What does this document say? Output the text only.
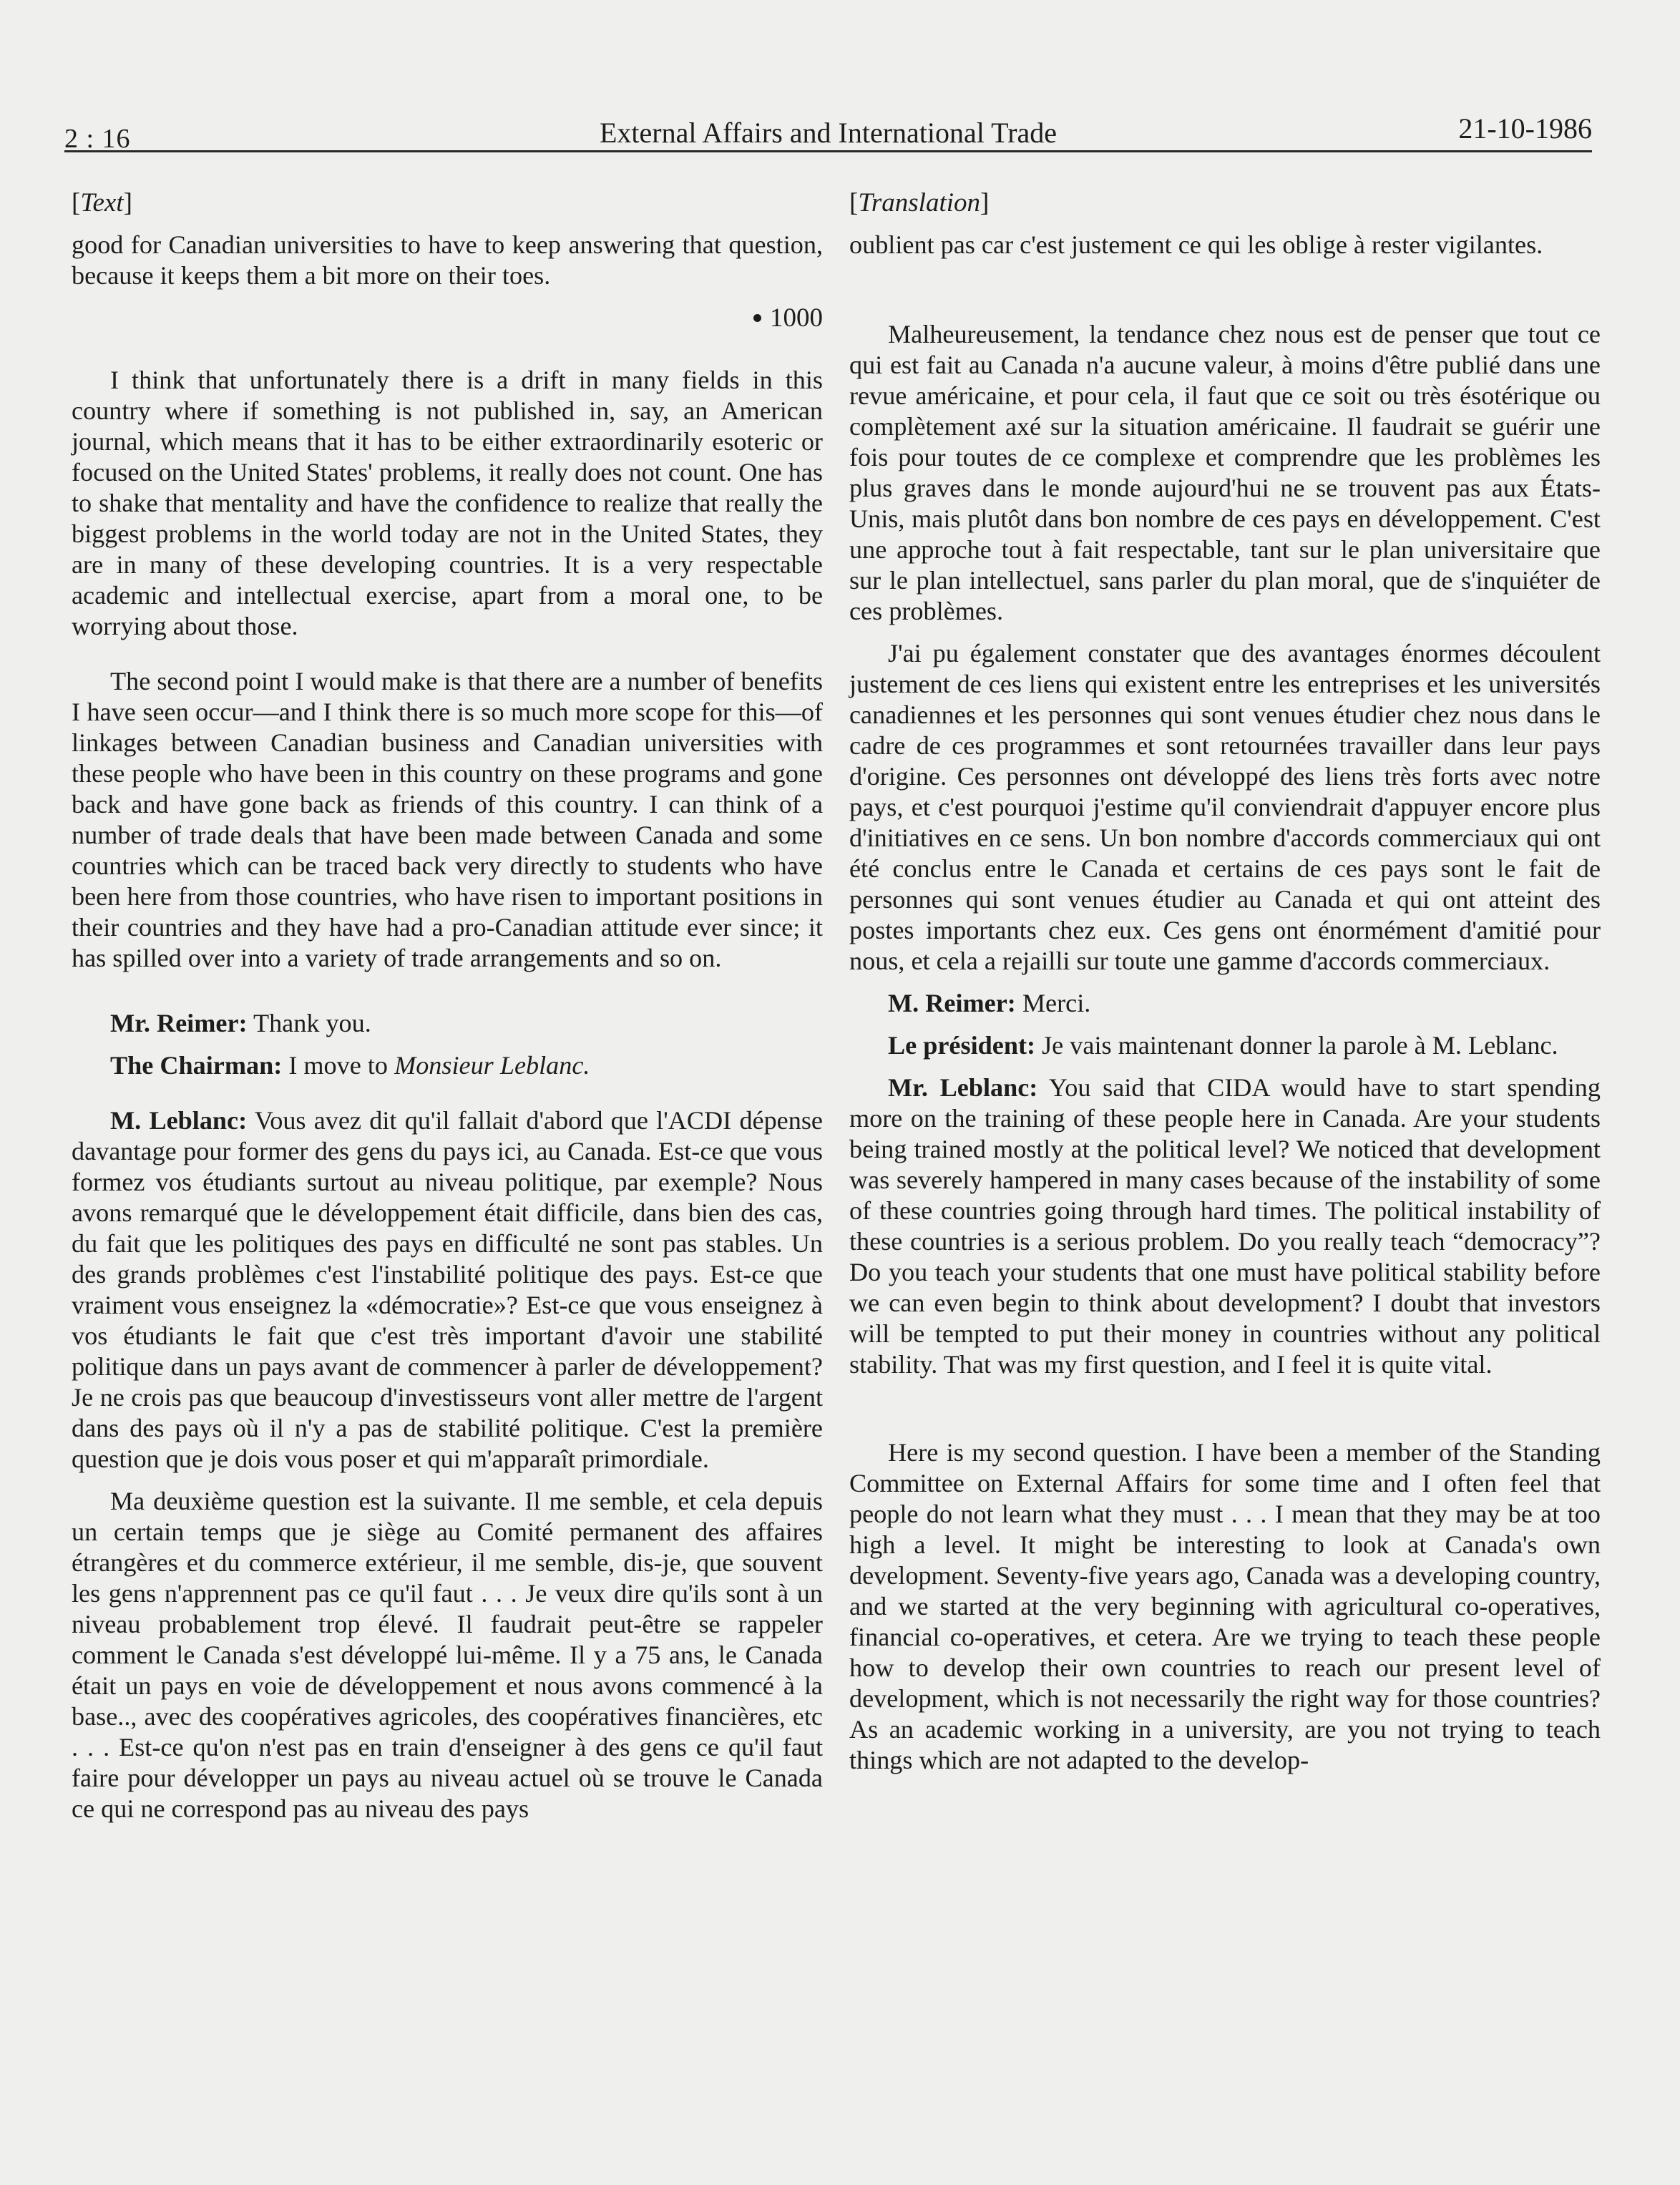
2 : 16	External Affairs and International Trade	21-10-1986

[Text]

good for Canadian universities to have to keep answering that question, because it keeps them a bit more on their toes.

1000

I think that unfortunately there is a drift in many fields in this country where if something is not published in, say, an American journal, which means that it has to be either extraordinarily esoteric or focused on the United States' problems, it really does not count. One has to shake that mentality and have the confidence to realize that really the biggest problems in the world today are not in the United States, they are in many of these developing countries. It is a very respectable academic and intellectual exercise, apart from a moral one, to be worrying about those.

The second point I would make is that there are a number of benefits I have seen occur—and I think there is so much more scope for this—of linkages between Canadian business and Canadian universities with these people who have been in this country on these programs and gone back and have gone back as friends of this country. I can think of a number of trade deals that have been made between Canada and some countries which can be traced back very directly to students who have been here from those countries, who have risen to important positions in their countries and they have had a pro-Canadian attitude ever since; it has spilled over into a variety of trade arrangements and so on.

Mr. Reimer: Thank you.

The Chairman: I move to Monsieur Leblanc.

M. Leblanc: Vous avez dit qu'il fallait d'abord que l'ACDI dépense davantage pour former des gens du pays ici, au Canada. Est-ce que vous formez vos étudiants surtout au niveau politique, par exemple? Nous avons remarqué que le développement était difficile, dans bien des cas, du fait que les politiques des pays en difficulté ne sont pas stables. Un des grands problèmes c'est l'instabilité politique des pays. Est-ce que vraiment vous enseignez la «démocratie»? Est-ce que vous enseignez à vos étudiants le fait que c'est très important d'avoir une stabilité politique dans un pays avant de commencer à parler de développement? Je ne crois pas que beaucoup d'investisseurs vont aller mettre de l'argent dans des pays où il n'y a pas de stabilité politique. C'est la première question que je dois vous poser et qui m'apparaît primordiale.

Ma deuxième question est la suivante. Il me semble, et cela depuis un certain temps que je siège au Comité permanent des affaires étrangères et du commerce extérieur, il me semble, dis-je, que souvent les gens n'apprennent pas ce qu'il faut . . . Je veux dire qu'ils sont à un niveau probablement trop élevé. Il faudrait peut-être se rappeler comment le Canada s'est développé lui-même. Il y a 75 ans, le Canada était un pays en voie de développement et nous avons commencé à la base.., avec des coopératives agricoles, des coopératives financières, etc . . . Est-ce qu'on n'est pas en train d'enseigner à des gens ce qu'il faut faire pour développer un pays au niveau actuel où se trouve le Canada ce qui ne correspond pas au niveau des pays

[Translation]

oublient pas car c'est justement ce qui les oblige à rester vigilantes.

Malheureusement, la tendance chez nous est de penser que tout ce qui est fait au Canada n'a aucune valeur, à moins d'être publié dans une revue américaine, et pour cela, il faut que ce soit ou très ésotérique ou complètement axé sur la situation américaine. Il faudrait se guérir une fois pour toutes de ce complexe et comprendre que les problèmes les plus graves dans le monde aujourd'hui ne se trouvent pas aux États-Unis, mais plutôt dans bon nombre de ces pays en développement. C'est une approche tout à fait respectable, tant sur le plan universitaire que sur le plan intellectuel, sans parler du plan moral, que de s'inquiéter de ces problèmes.

J'ai pu également constater que des avantages énormes découlent justement de ces liens qui existent entre les entreprises et les universités canadiennes et les personnes qui sont venues étudier chez nous dans le cadre de ces programmes et sont retournées travailler dans leur pays d'origine. Ces personnes ont développé des liens très forts avec notre pays, et c'est pourquoi j'estime qu'il conviendrait d'appuyer encore plus d'initiatives en ce sens. Un bon nombre d'accords commerciaux qui ont été conclus entre le Canada et certains de ces pays sont le fait de personnes qui sont venues étudier au Canada et qui ont atteint des postes importants chez eux. Ces gens ont énormément d'amitié pour nous, et cela a rejailli sur toute une gamme d'accords commerciaux.

M. Reimer: Merci.

Le président: Je vais maintenant donner la parole à M. Leblanc.

Mr. Leblanc: You said that CIDA would have to start spending more on the training of these people here in Canada. Are your students being trained mostly at the political level? We noticed that development was severely hampered in many cases because of the instability of some of these countries going through hard times. The political instability of these countries is a serious problem. Do you really teach “democracy”? Do you teach your students that one must have political stability before we can even begin to think about development? I doubt that investors will be tempted to put their money in countries without any political stability. That was my first question, and I feel it is quite vital.

Here is my second question. I have been a member of the Standing Committee on External Affairs for some time and I often feel that people do not learn what they must . . . I mean that they may be at too high a level. It might be interesting to look at Canada's own development. Seventy-five years ago, Canada was a developing country, and we started at the very beginning with agricultural co-operatives, financial co-operatives, et cetera. Are we trying to teach these people how to develop their own countries to reach our present level of development, which is not necessarily the right way for those countries? As an academic working in a university, are you not trying to teach things which are not adapted to the develop-
